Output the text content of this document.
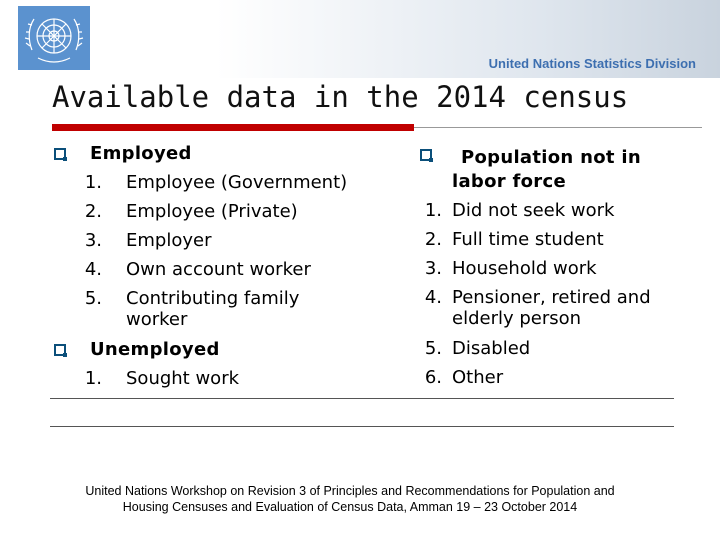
United Nations Statistics Division
Available data in the 2014 census
Employed
1. Employee (Government)
2. Employee (Private)
3. Employer
4. Own account worker
5. Contributing family
worker
Unemployed
1. Sought work
Population not in
labor force
1. Did not seek work
2. Full time student
3. Household work
4. Pensioner, retired and
elderly person
5. Disabled
6. Other
United Nations Workshop on Revision 3 of Principles and Recommendations for Population and
Housing Censuses and Evaluation of Census Data, Amman 19 – 23 October 2014
